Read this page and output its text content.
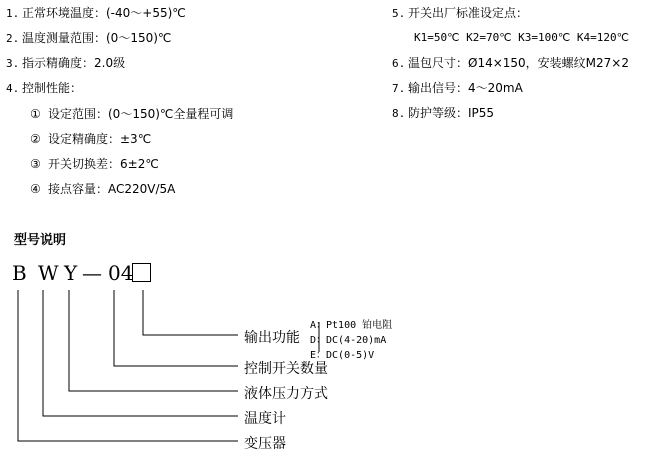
1. 正常环境温度：(-40～+55)℃
2. 温度测量范围：(0～150)℃
3. 指示精确度：2.0级
4. 控制性能：
① 设定范围：(0～150)℃全量程可调
② 设定精确度：±3℃
③ 开关切换差：6±2℃
④ 接点容量：AC220V/5A
5. 开关出厂标准设定点：
K1=50℃ K2=70℃ K3=100℃ K4=120℃
6. 温包尺寸：Ø14×150，安装螺纹M27×2
7. 输出信号：4～20mA
8. 防护等级：IP55
型号说明
B W Y — 04
A：Pt100 铂电阻
D：DC(4-20)mA
E：DC(0-5)V
输出功能
控制开关数量
液体压力方式
温度计
变压器
